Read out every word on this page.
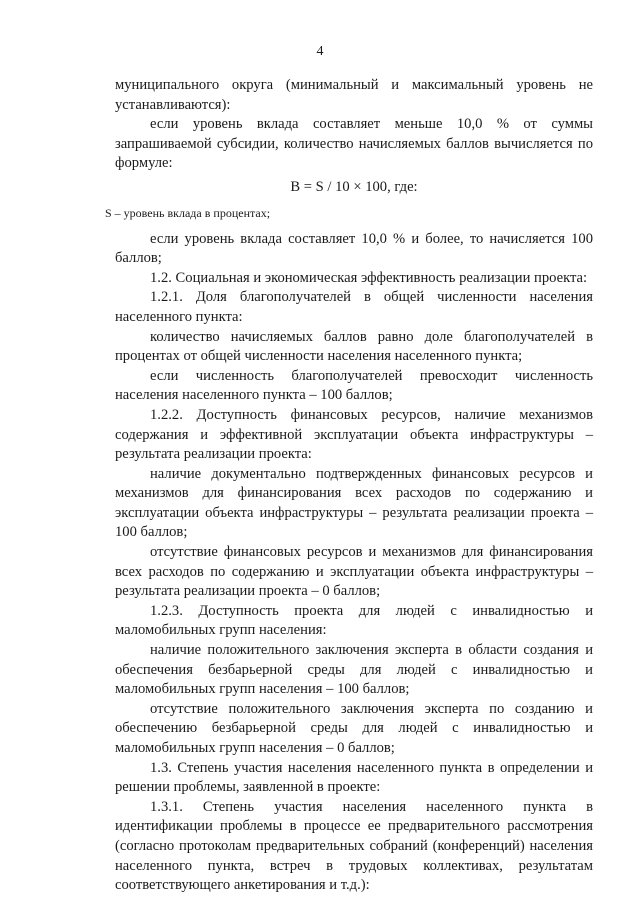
4

муниципального округа (минимальный и максимальный уровень не устанавливаются):

если уровень вклада составляет меньше 10,0 % от суммы запрашиваемой субсидии, количество начисляемых баллов вычисляется по формуле:

В = S / 10 × 100, где:

S – уровень вклада в процентах;

если уровень вклада составляет 10,0 % и более, то начисляется 100 баллов;

1.2. Социальная и экономическая эффективность реализации проекта:

1.2.1. Доля благополучателей в общей численности населения населенного пункта:

количество начисляемых баллов равно доле благополучателей в процентах от общей численности населения населенного пункта;

если численность благополучателей превосходит численность населения населенного пункта – 100 баллов;

1.2.2. Доступность финансовых ресурсов, наличие механизмов содержания и эффективной эксплуатации объекта инфраструктуры – результата реализации проекта:

наличие документально подтвержденных финансовых ресурсов и механизмов для финансирования всех расходов по содержанию и эксплуатации объекта инфраструктуры – результата реализации проекта – 100 баллов;

отсутствие финансовых ресурсов и механизмов для финансирования всех расходов по содержанию и эксплуатации объекта инфраструктуры – результата реализации проекта – 0 баллов;

1.2.3. Доступность проекта для людей с инвалидностью и маломобильных групп населения:

наличие положительного заключения эксперта в области создания и обеспечения безбарьерной среды для людей с инвалидностью и маломобильных групп населения – 100 баллов;

отсутствие положительного заключения эксперта по созданию и обеспечению безбарьерной среды для людей с инвалидностью и маломобильных групп населения – 0 баллов;

1.3. Степень участия населения населенного пункта в определении и решении проблемы, заявленной в проекте:

1.3.1. Степень участия населения населенного пункта в идентификации проблемы в процессе ее предварительного рассмотрения (согласно протоколам предварительных собраний (конференций) населения населенного пункта, встреч в трудовых коллективах, результатам соответствующего анкетирования и т.д.):
